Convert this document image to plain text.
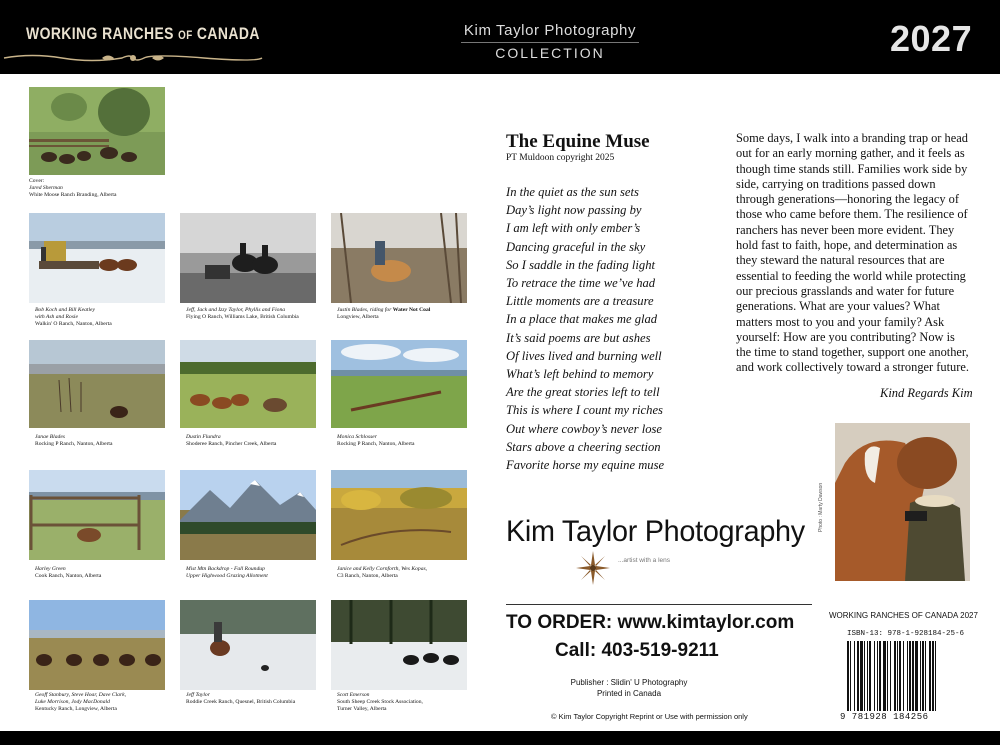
WORKING RANCHES OF CANADA	Kim Taylor Photography
COLLECTION	2027
Cover:
Jared Sherman
White Moose Ranch Branding, Alberta
Bob Koch and Bill Keatley
with Ash and Rosie
Walkin' O Ranch, Nanton, Alberta
Jeff, Jack and Izzy Taylor, Phyllis and Fiona
Flying O Ranch, Williams Lake, British Columbia
Justin Blades, riding for Water Not Coal
Longview, Alberta
Janae Blades
Rocking P Ranch, Nanton, Alberta
Dustin Flundra
Shoderee Ranch, Pincher Creek, Alberta
Monica Schlosser
Rocking P Ranch, Nanton, Alberta
Harley Green
Cook Ranch, Nanton, Alberta
Mist Mtn Backdrop - Fall Roundup
Upper Highwood Grazing Allotment
Janice and Kelly Cornforth, Wes Kopas,
C3 Ranch, Nanton, Alberta
Geoff Stanbury, Steve Hoar, Dave Clark,
Luke Morrison, Jody MacDonald
Kentucky Ranch, Longview, Alberta
Jeff Taylor
Roddie Creek Ranch, Quesnel, British Columbia
Scott Emerson
South Sheep Creek Stock Association,
Turner Valley, Alberta
The Equine Muse
PT Muldoon copyright 2025
In the quiet as the sun sets
Day’s light now passing by
I am left with only ember’s
Dancing graceful in the sky
So I saddle in the fading light
To retrace the time we’ve had
Little moments are a treasure
In a place that makes me glad
It’s said poems are but ashes
Of lives lived and burning well
What’s left behind to memory
Are the great stories left to tell
This is where I count my riches
Out where cowboy’s never lose
Stars above a cheering section
Favorite horse my equine muse
Some days, I walk into a branding trap or head out for an early morning gather, and it feels as though time stands still. Families work side by side, carrying on traditions passed down through generations—honoring the legacy of those who came before them. The resilience of ranchers has never been more evident. They hold fast to faith, hope, and determination as they steward the natural resources that are essential to feeding the world while protecting our precious grasslands and water for future generations. What are your values? What matters most to you and your family? Ask yourself: How are you contributing? Now is the time to stand together, support one another, and work collectively toward a stronger future.
Kind Regards Kim
Photo : Marty Dawson
Kim Taylor Photography
...artist with a lens
TO ORDER: www.kimtaylor.com
Call: 403-519-9211
Publisher : Slidin' U Photography
Printed in Canada
© Kim Taylor Copyright Reprint or Use with permission only
WORKING RANCHES OF CANADA 2027
ISBN-13: 978-1-928184-25-6
9 781928 184256
